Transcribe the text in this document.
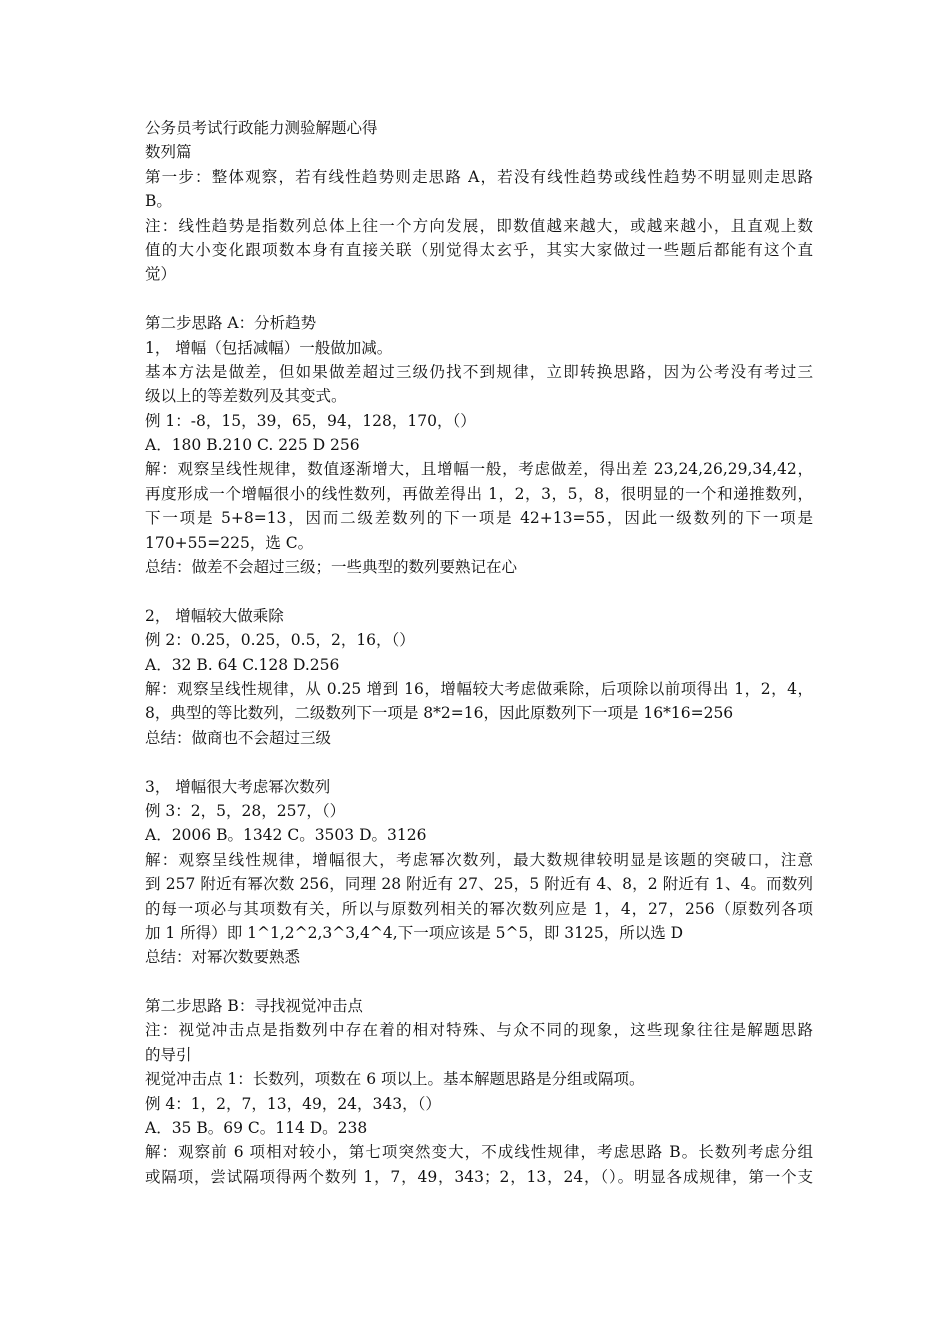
公务员考试行政能力测验解题心得
数列篇
第一步：整体观察，若有线性趋势则走思路 A，若没有线性趋势或线性趋势不明显则走思路
B。
注：线性趋势是指数列总体上往一个方向发展，即数值越来越大，或越来越小，且直观上数
值的大小变化跟项数本身有直接关联（别觉得太玄乎，其实大家做过一些题后都能有这个直
觉）
第二步思路 A：分析趋势
1， 增幅（包括减幅）一般做加减。
基本方法是做差，但如果做差超过三级仍找不到规律，立即转换思路，因为公考没有考过三
级以上的等差数列及其变式。
例 1：-8，15，39，65，94，128，170，（）
A．180 B.210 C. 225 D 256
解：观察呈线性规律，数值逐渐增大，且增幅一般，考虑做差，得出差 23,24,26,29,34,42，
再度形成一个增幅很小的线性数列，再做差得出 1，2，3，5，8，很明显的一个和递推数列，
下一项是 5+8=13，因而二级差数列的下一项是 42+13=55，因此一级数列的下一项是
170+55=225，选 C。
总结：做差不会超过三级；一些典型的数列要熟记在心
2， 增幅较大做乘除
例 2：0.25，0.25，0.5，2，16，（）
A．32 B. 64 C.128 D.256
解：观察呈线性规律，从 0.25 增到 16，增幅较大考虑做乘除，后项除以前项得出 1，2，4，
8，典型的等比数列，二级数列下一项是 8*2=16，因此原数列下一项是 16*16=256
总结：做商也不会超过三级
3， 增幅很大考虑幂次数列
例 3：2，5，28，257，（）
A．2006 B。1342 C。3503 D。3126
解：观察呈线性规律，增幅很大，考虑幂次数列，最大数规律较明显是该题的突破口，注意
到 257 附近有幂次数 256，同理 28 附近有 27、25，5 附近有 4、8，2 附近有 1、4。而数列
的每一项必与其项数有关，所以与原数列相关的幂次数列应是 1，4，27，256（原数列各项
加 1 所得）即 1^1,2^2,3^3,4^4,下一项应该是 5^5，即 3125，所以选 D
总结：对幂次数要熟悉
第二步思路 B：寻找视觉冲击点
注：视觉冲击点是指数列中存在着的相对特殊、与众不同的现象，这些现象往往是解题思路
的导引
视觉冲击点 1：长数列，项数在 6 项以上。基本解题思路是分组或隔项。
例 4：1，2，7，13，49，24，343，（）
A．35 B。69 C。114 D。238
解：观察前 6 项相对较小，第七项突然变大，不成线性规律，考虑思路 B。长数列考虑分组
或隔项，尝试隔项得两个数列 1，7，49，343；2，13，24，（）。明显各成规律，第一个支
